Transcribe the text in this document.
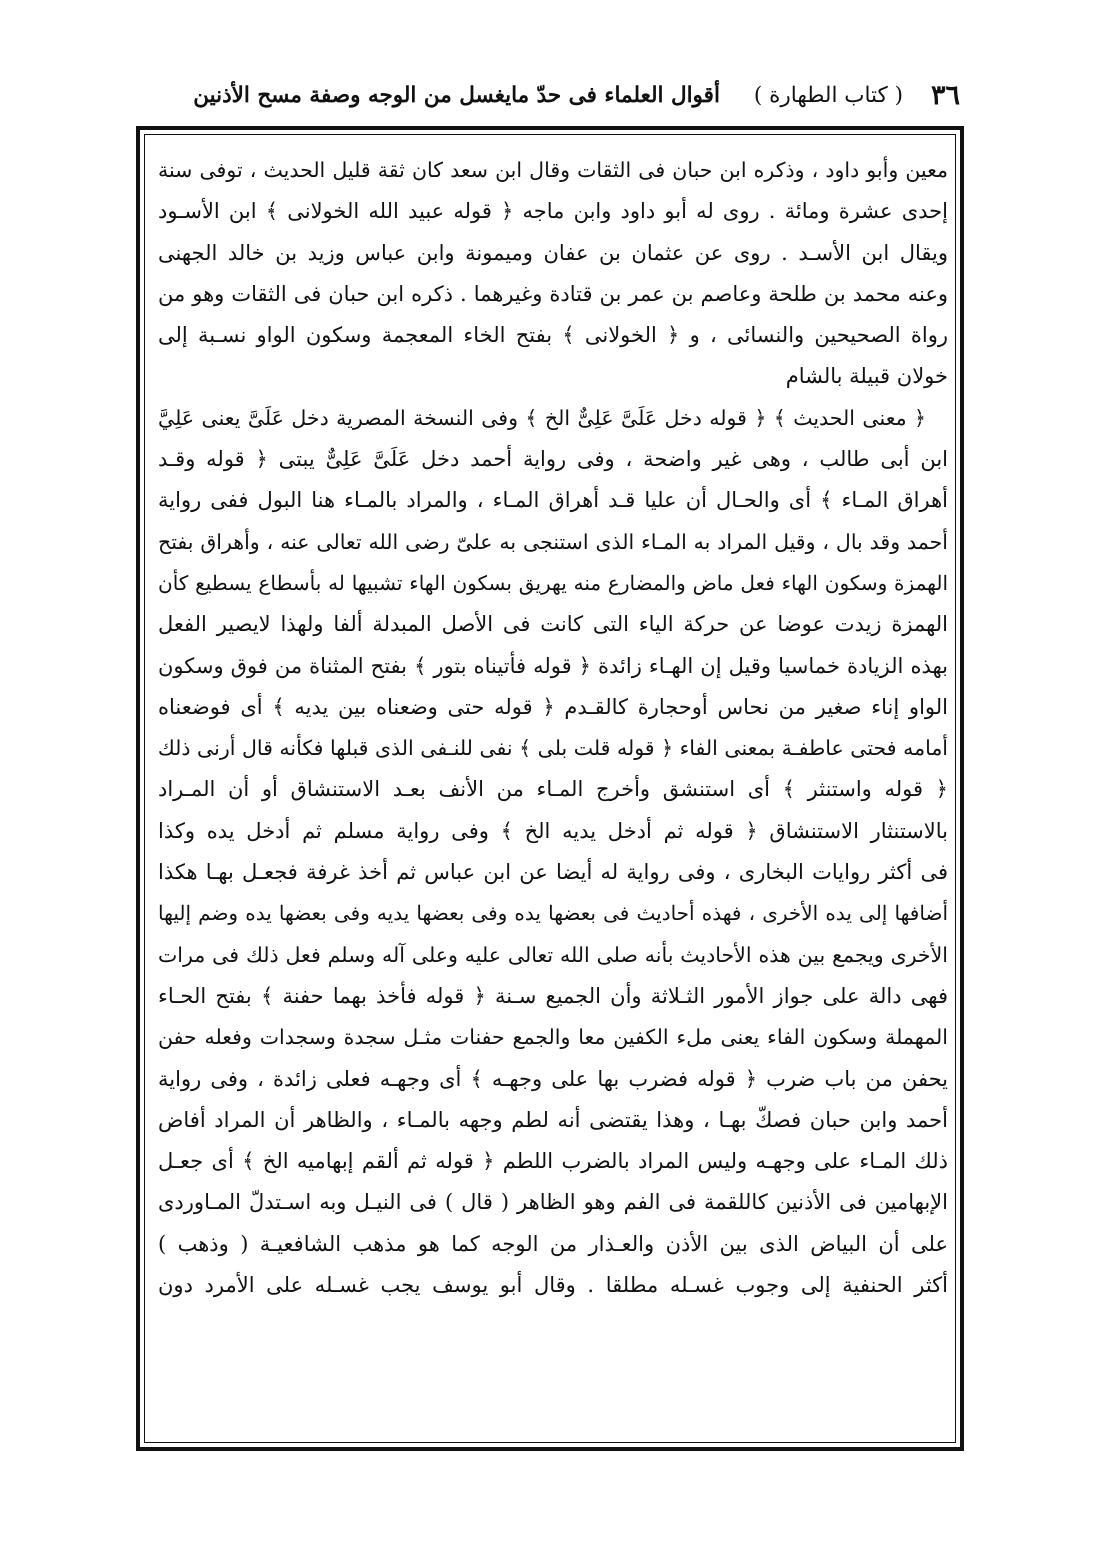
٣٦
( كتاب الطهارة )
أقوال العلماء فى حدّ مايغسل من الوجه وصفة مسح الأذنين
معين وأبو داود ، وذكره ابن حبان فى الثقات وقال ابن سعد كان ثقة قليل الحديث ، توفى سنة
إحدى عشرة ومائة . روى له أبو داود وابن ماجه ﴿ قوله عبيد الله الخولانى ﴾ ابن الأسـود
ويقال ابن الأسـد . روى عن عثمان بن عفان وميمونة وابن عباس وزيد بن خالد الجهنى
وعنه محمد بن طلحة وعاصم بن عمر بن قتادة وغيرهما . ذكره ابن حبان فى الثقات وهو من
رواة الصحيحين والنسائى ، و ﴿ الخولانى ﴾ بفتح الخاء المعجمة وسكون الواو نسـبة إلى
خولان قبيلة بالشام
﴿ معنى الحديث ﴾ ﴿ قوله دخل عَلَىَّ عَلِىٌّ الخ ﴾ وفى النسخة المصرية دخل عَلَىَّ يعنى عَلِيَّ
ابن أبى طالب ، وهى غير واضحة ، وفى رواية أحمد دخل عَلَىَّ عَلِىٌّ يبتى ﴿ قوله وقـد
أهراق المـاء ﴾ أى والحـال أن عليا قـد أهراق المـاء ، والمراد بالمـاء هنا البول ففى رواية
أحمد وقد بال ، وقيل المراد به المـاء الذى استنجى به علىّ رضى الله تعالى عنه ، وأهراق بفتح
الهمزة وسكون الهاء فعل ماض والمضارع منه يهريق بسكون الهاء تشبيها له بأسطاع يسطيع كأن
الهمزة زيدت عوضا عن حركة الياء التى كانت فى الأصل المبدلة ألفا ولهذا لايصير الفعل
بهذه الزيادة خماسيا وقيل إن الهـاء زائدة ﴿ قوله فأتيناه بتور ﴾ بفتح المثناة من فوق وسكون
الواو إناء صغير من نحاس أوحجارة كالقـدم ﴿ قوله حتى وضعناه بين يديه ﴾ أى فوضعناه
أمامه فحتى عاطفـة بمعنى الفاء ﴿ قوله قلت بلى ﴾ نفى للنـفى الذى قبلها فكأنه قال أرنى ذلك
﴿ قوله واستنثر ﴾ أى استنشق وأخرج المـاء من الأنف بعـد الاستنشاق أو أن المـراد
بالاستنثار الاستنشاق ﴿ قوله ثم أدخل يديه الخ ﴾ وفى رواية مسلم ثم أدخل يده وكذا
فى أكثر روايات البخارى ، وفى رواية له أيضا عن ابن عباس ثم أخذ غرفة فجعـل بهـا هكذا
أضافها إلى يده الأخرى ، فهذه أحاديث فى بعضها يده وفى بعضها يديه وفى بعضها يده وضم إليها
الأخرى ويجمع بين هذه الأحاديث بأنه صلى الله تعالى عليه وعلى آله وسلم فعل ذلك فى مرات
فهى دالة على جواز الأمور الثـلاثة وأن الجميع سـنة ﴿ قوله فأخذ بهما حفنة ﴾ بفتح الحـاء
المهملة وسكون الفاء يعنى ملء الكفين معا والجمع حفنات مثـل سجدة وسجدات وفعله حفن
يحفن من باب ضرب ﴿ قوله فضرب بها على وجهـه ﴾ أى وجهـه فعلى زائدة ، وفى رواية
أحمد وابن حبان فصكّ بهـا ، وهذا يقتضى أنه لطم وجهه بالمـاء ، والظاهر أن المراد أفاض
ذلك المـاء على وجهـه وليس المراد بالضرب اللطم ﴿ قوله ثم ألقم إبهاميه الخ ﴾ أى جعـل
الإبهامين فى الأذنين كاللقمة فى الفم وهو الظاهر ( قال ) فى النيـل وبه اسـتدلّ المـاوردى
على أن البياض الذى بين الأذن والعـذار من الوجه كما هو مذهب الشافعيـة ( وذهب )
أكثر الحنفية إلى وجوب غسـله مطلقا . وقال أبو يوسف يجب غسـله على الأمرد دون
